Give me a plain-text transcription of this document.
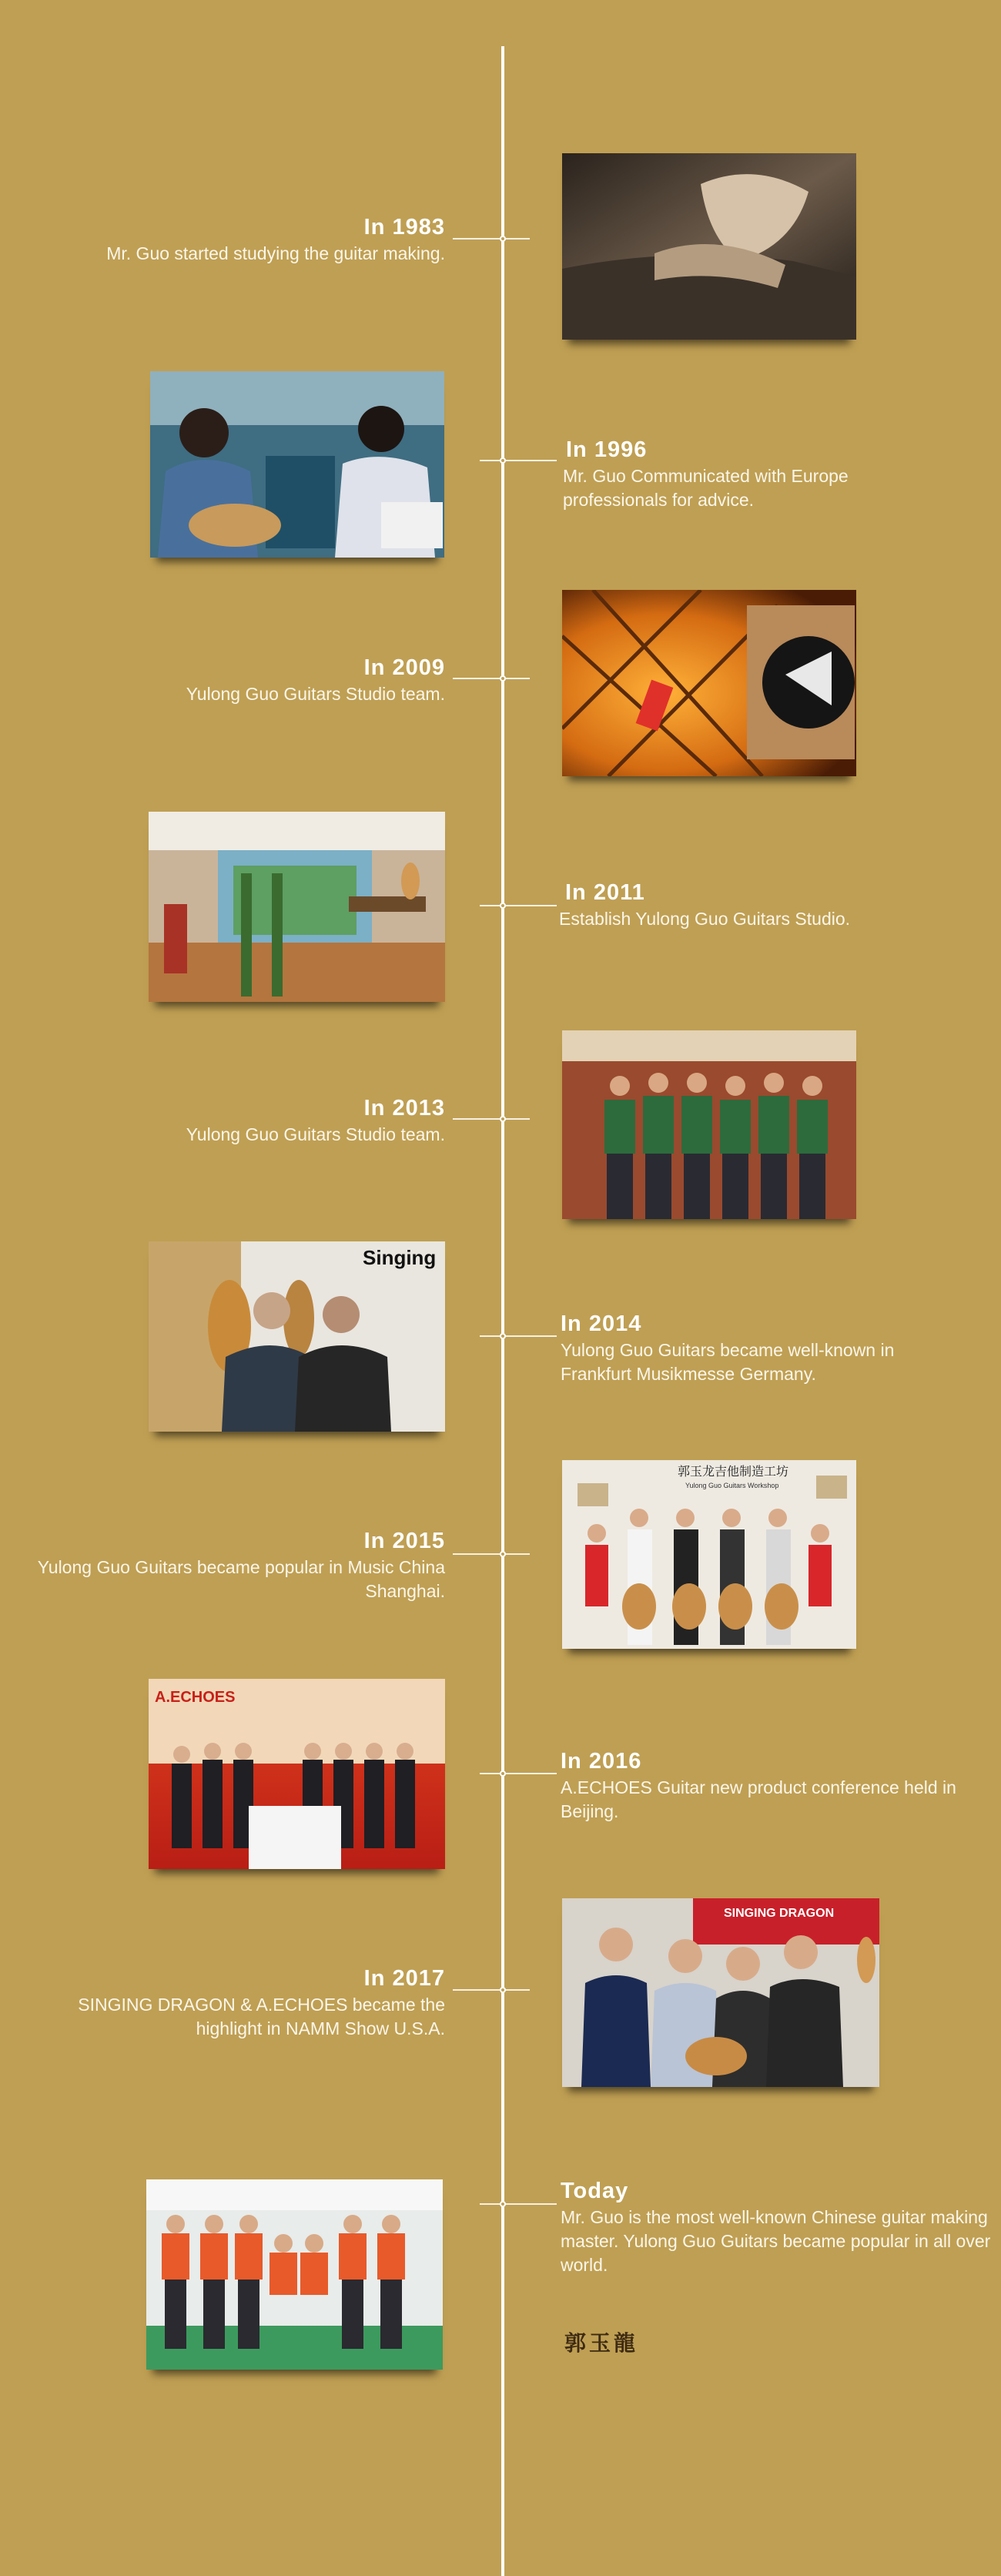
In 1983
Mr. Guo started studying the guitar making.
In 1996
Mr. Guo Communicated with Europe professionals for advice.
In 2009
Yulong Guo Guitars Studio team.
In 2011
Establish Yulong Guo Guitars Studio.
In 2013
Yulong Guo Guitars Studio team.
Singing
In 2014
Yulong Guo Guitars became well-known in Frankfurt Musikmesse Germany.
In 2015
Yulong Guo Guitars became popular in Music China Shanghai.
郭玉龙吉他制造工坊
Yulong Guo Guitars Workshop
A.ECHOES
In 2016
A.ECHOES Guitar new product conference held in Beijing.
In 2017
SINGING DRAGON & A.ECHOES became the highlight in NAMM Show U.S.A.
SINGING DRAGON
Today
Mr. Guo is the most well-known Chinese guitar making master. Yulong Guo Guitars became popular in all over world.
郭玉龍
